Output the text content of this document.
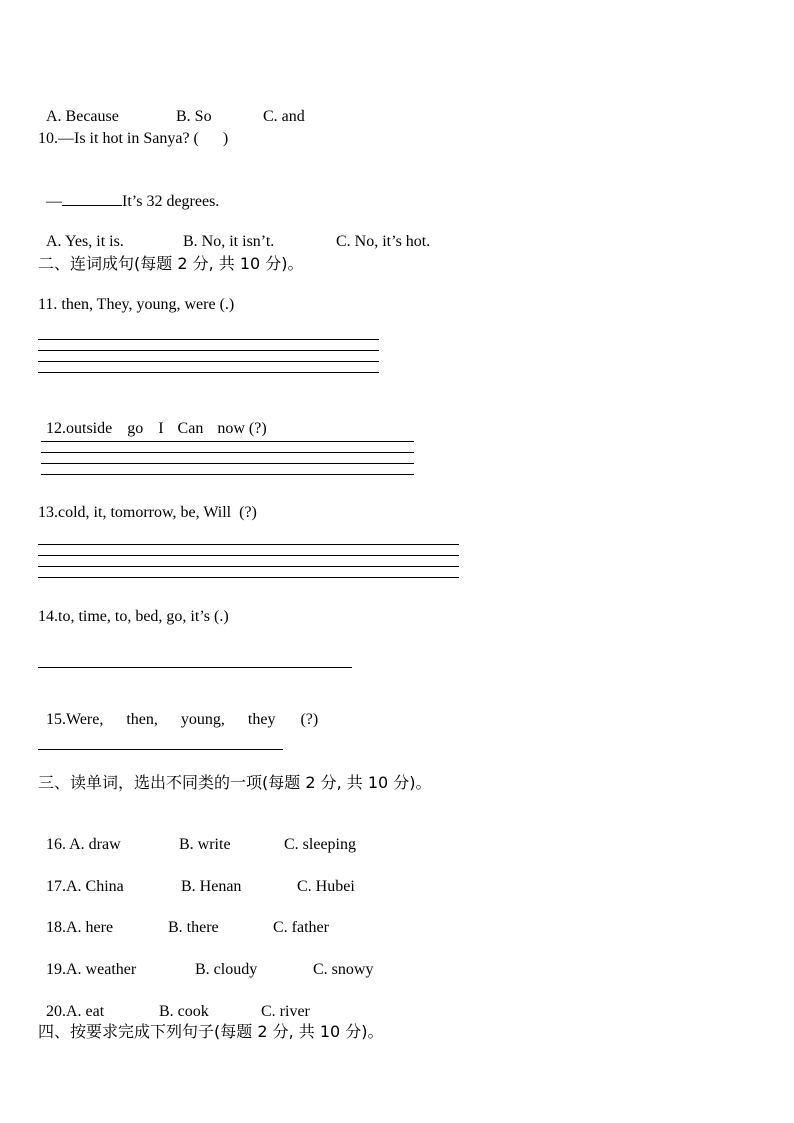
A. Because	B. So	C. and

10.—Is it hot in Sanya? (      )

—	It’s 32 degrees.

A. Yes, it is.	B. No, it isn’t.	C. No, it’s hot.

二、连词成句(每题 2 分, 共 10 分)。
11. then, They, young, were (.)

12.outside go I Can now (?)

13.cold, it, tomorrow, be, Will  (?)
14.to, time, to, bed, go, it’s (.)

15.Were, then, young, they (?)

三、读单词，选出不同类的一项(每题 2 分, 共 10 分)。

16. A. draw	B. write	C. sleeping

17.A. China	B. Henan	C. Hubei

18.A. here	B. there	C. father

19.A. weather	B. cloudy	C. snowy

20.A. eat	B. cook	C. river

四、按要求完成下列句子(每题 2 分, 共 10 分)。
